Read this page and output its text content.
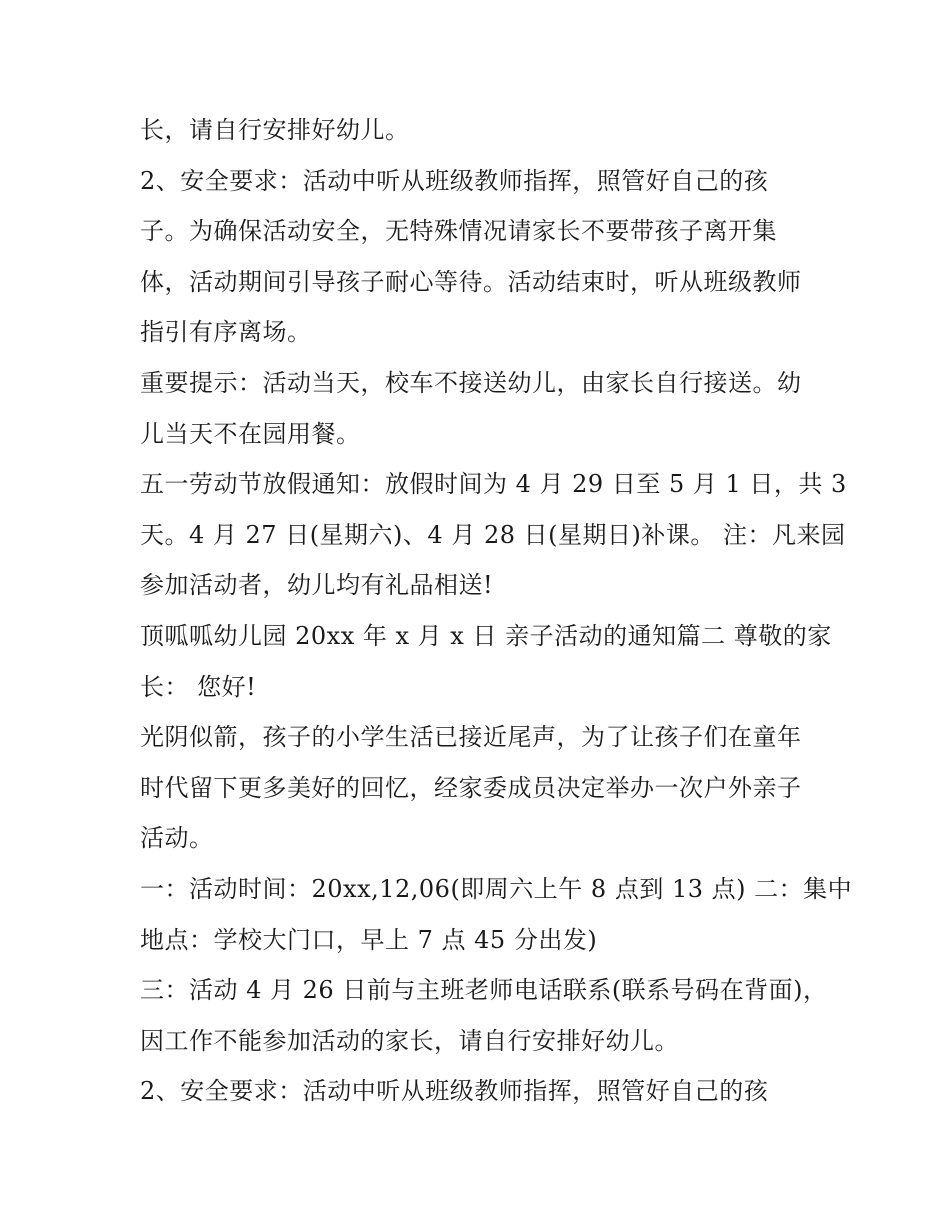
长，请自行安排好幼儿。
2、安全要求：活动中听从班级教师指挥，照管好自己的孩
子。为确保活动安全，无特殊情况请家长不要带孩子离开集
体，活动期间引导孩子耐心等待。活动结束时，听从班级教师
指引有序离场。
重要提示：活动当天，校车不接送幼儿，由家长自行接送。幼
儿当天不在园用餐。
五一劳动节放假通知：放假时间为 4 月 29 日至 5 月 1 日，共 3
天。4 月 27 日(星期六)、4 月 28 日(星期日)补课。 注：凡来园
参加活动者，幼儿均有礼品相送!
顶呱呱幼儿园 20xx 年 x 月 x 日 亲子活动的通知篇二 尊敬的家
长： 您好!
光阴似箭，孩子的小学生活已接近尾声，为了让孩子们在童年
时代留下更多美好的回忆，经家委成员决定举办一次户外亲子
活动。
一：活动时间：20xx,12,06(即周六上午 8 点到 13 点) 二：集中
地点：学校大门口，早上 7 点 45 分出发)
三：活动 4 月 26 日前与主班老师电话联系(联系号码在背面)，
因工作不能参加活动的家长，请自行安排好幼儿。
2、安全要求：活动中听从班级教师指挥，照管好自己的孩
